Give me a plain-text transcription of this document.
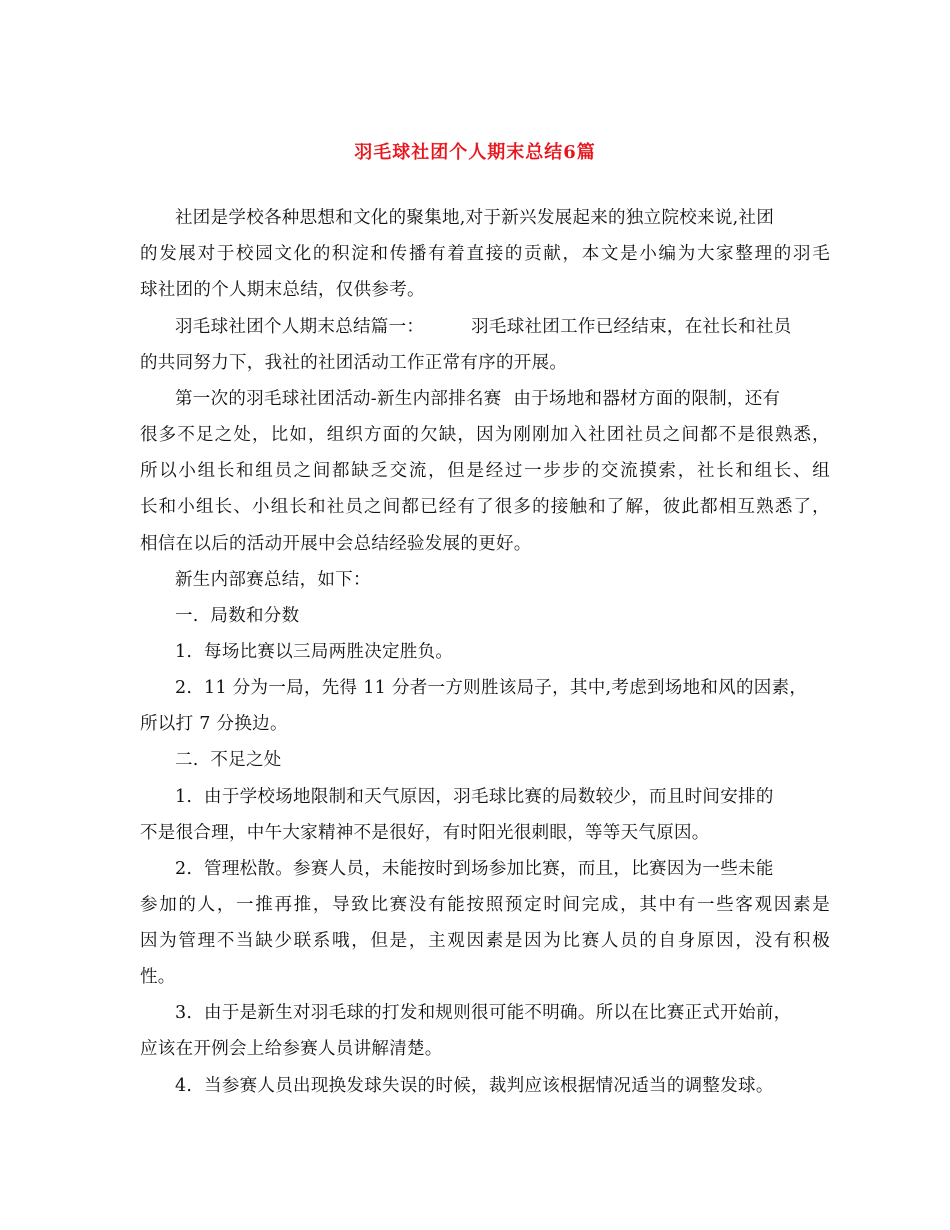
羽毛球社团个人期末总结6篇
社团是学校各种思想和文化的聚集地,对于新兴发展起来的独立院校来说,社团
的发展对于校园文化的积淀和传播有着直接的贡献，本文是小编为大家整理的羽毛
球社团的个人期末总结，仅供参考。
羽毛球社团个人期末总结篇一：        羽毛球社团工作已经结束，在社长和社员
的共同努力下，我社的社团活动工作正常有序的开展。
第一次的羽毛球社团活动-新生内部排名赛  由于场地和器材方面的限制，还有
很多不足之处，比如，组织方面的欠缺，因为刚刚加入社团社员之间都不是很熟悉，
所以小组长和组员之间都缺乏交流，但是经过一步步的交流摸索，社长和组长、组
长和小组长、小组长和社员之间都已经有了很多的接触和了解，彼此都相互熟悉了，
相信在以后的活动开展中会总结经验发展的更好。
新生内部赛总结，如下：
一.  局数和分数
1.  每场比赛以三局两胜决定胜负。
2.  11 分为一局，先得 11 分者一方则胜该局子，其中,考虑到场地和风的因素，
所以打 7 分换边。
二.  不足之处
1.  由于学校场地限制和天气原因，羽毛球比赛的局数较少，而且时间安排的
不是很合理，中午大家精神不是很好，有时阳光很刺眼，等等天气原因。
2.  管理松散。参赛人员，未能按时到场参加比赛，而且，比赛因为一些未能
参加的人，一推再推，导致比赛没有能按照预定时间完成，其中有一些客观因素是
因为管理不当缺少联系哦，但是，主观因素是因为比赛人员的自身原因，没有积极
性。
3.  由于是新生对羽毛球的打发和规则很可能不明确。所以在比赛正式开始前，
应该在开例会上给参赛人员讲解清楚。
4.  当参赛人员出现换发球失误的时候，裁判应该根据情况适当的调整发球。
